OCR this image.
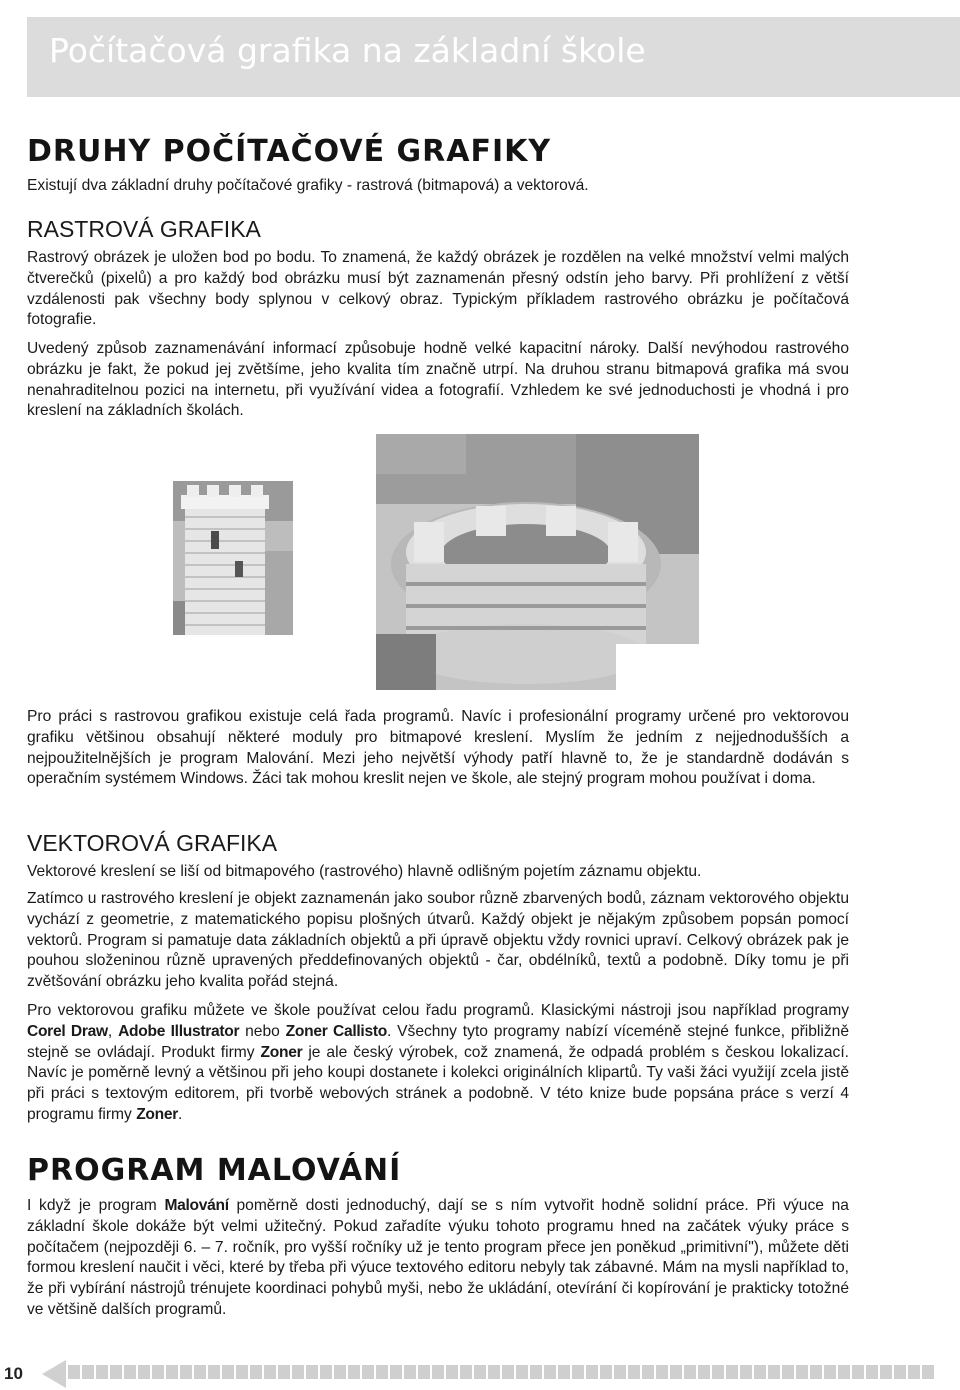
Počítačová grafika na základní škole
DRUHY POČÍTAČOVÉ GRAFIKY

Existují dva základní druhy počítačové grafiky - rastrová (bitmapová) a vektorová.

RASTROVÁ GRAFIKA

Rastrový obrázek je uložen bod po bodu. To znamená, že každý obrázek je rozdělen na velké množství velmi malých čtverečků (pixelů) a pro každý bod obrázku musí být zaznamenán přesný odstín jeho barvy. Při prohlížení z větší vzdálenosti pak všechny body splynou v celkový obraz. Typickým příkladem rastrového obrázku je počítačová fotografie.

Uvedený způsob zaznamenávání informací způsobuje hodně velké kapacitní nároky. Další nevýhodou rastrového obrázku je fakt, že pokud jej zvětšíme, jeho kvalita tím značně utrpí. Na druhou stranu bitmapová grafika má svou nenahraditelnou pozici na internetu, při využívání videa a fotografií. Vzhledem ke své jednoduchosti je vhodná i pro kreslení na základních školách.

Pro práci s rastrovou grafikou existuje celá řada programů. Navíc i profesionální programy určené pro vektorovou grafiku většinou obsahují některé moduly pro bitmapové kreslení. Myslím že jedním z nejjednodušších a nejpoužitelnějších je program Malování. Mezi jeho největší výhody patří hlavně to, že je standardně dodáván s operačním systémem Windows. Žáci tak mohou kreslit nejen ve škole, ale stejný program mohou používat i doma.

VEKTOROVÁ GRAFIKA

Vektorové kreslení se liší od bitmapového (rastrového) hlavně odlišným pojetím záznamu objektu.

Zatímco u rastrového kreslení je objekt zaznamenán jako soubor různě zbarvených bodů, záznam vektorového objektu vychází z geometrie, z matematického popisu plošných útvarů. Každý objekt je nějakým způsobem popsán pomocí vektorů. Program si pamatuje data základních objektů a při úpravě objektu vždy rovnici upraví. Celkový obrázek pak je pouhou složeninou různě upravených předdefinovaných objektů - čar, obdélníků, textů a podobně. Díky tomu je při zvětšování obrázku jeho kvalita pořád stejná.

Pro vektorovou grafiku můžete ve škole používat celou řadu programů. Klasickými nástroji jsou například programy Corel Draw, Adobe Illustrator nebo Zoner Callisto. Všechny tyto programy nabízí víceméně stejné funkce, přibližně stejně se ovládají. Produkt firmy Zoner je ale český výrobek, což znamená, že odpadá problém s českou lokalizací. Navíc je poměrně levný a většinou při jeho koupi dostanete i kolekci originálních klipartů. Ty vaši žáci využijí zcela jistě při práci s textovým editorem, při tvorbě webových stránek a podobně. V této knize bude popsána práce s verzí 4 programu firmy Zoner.

PROGRAM MALOVÁNÍ

I když je program Malování poměrně dosti jednoduchý, dají se s ním vytvořit hodně solidní práce. Při výuce na základní škole dokáže být velmi užitečný. Pokud zařadíte výuku tohoto programu hned na začátek výuky práce s počítačem (nejpozději 6. – 7. ročník, pro vyšší ročníky už je tento program přece jen poněkud „primitivní"), můžete děti formou kreslení naučit i věci, které by třeba při výuce textového editoru nebyly tak zábavné. Mám na mysli například to, že při vybírání nástrojů trénujete koordinaci pohybů myši, nebo že ukládání, otevírání či kopírování je prakticky totožné ve většině dalších programů.

10
